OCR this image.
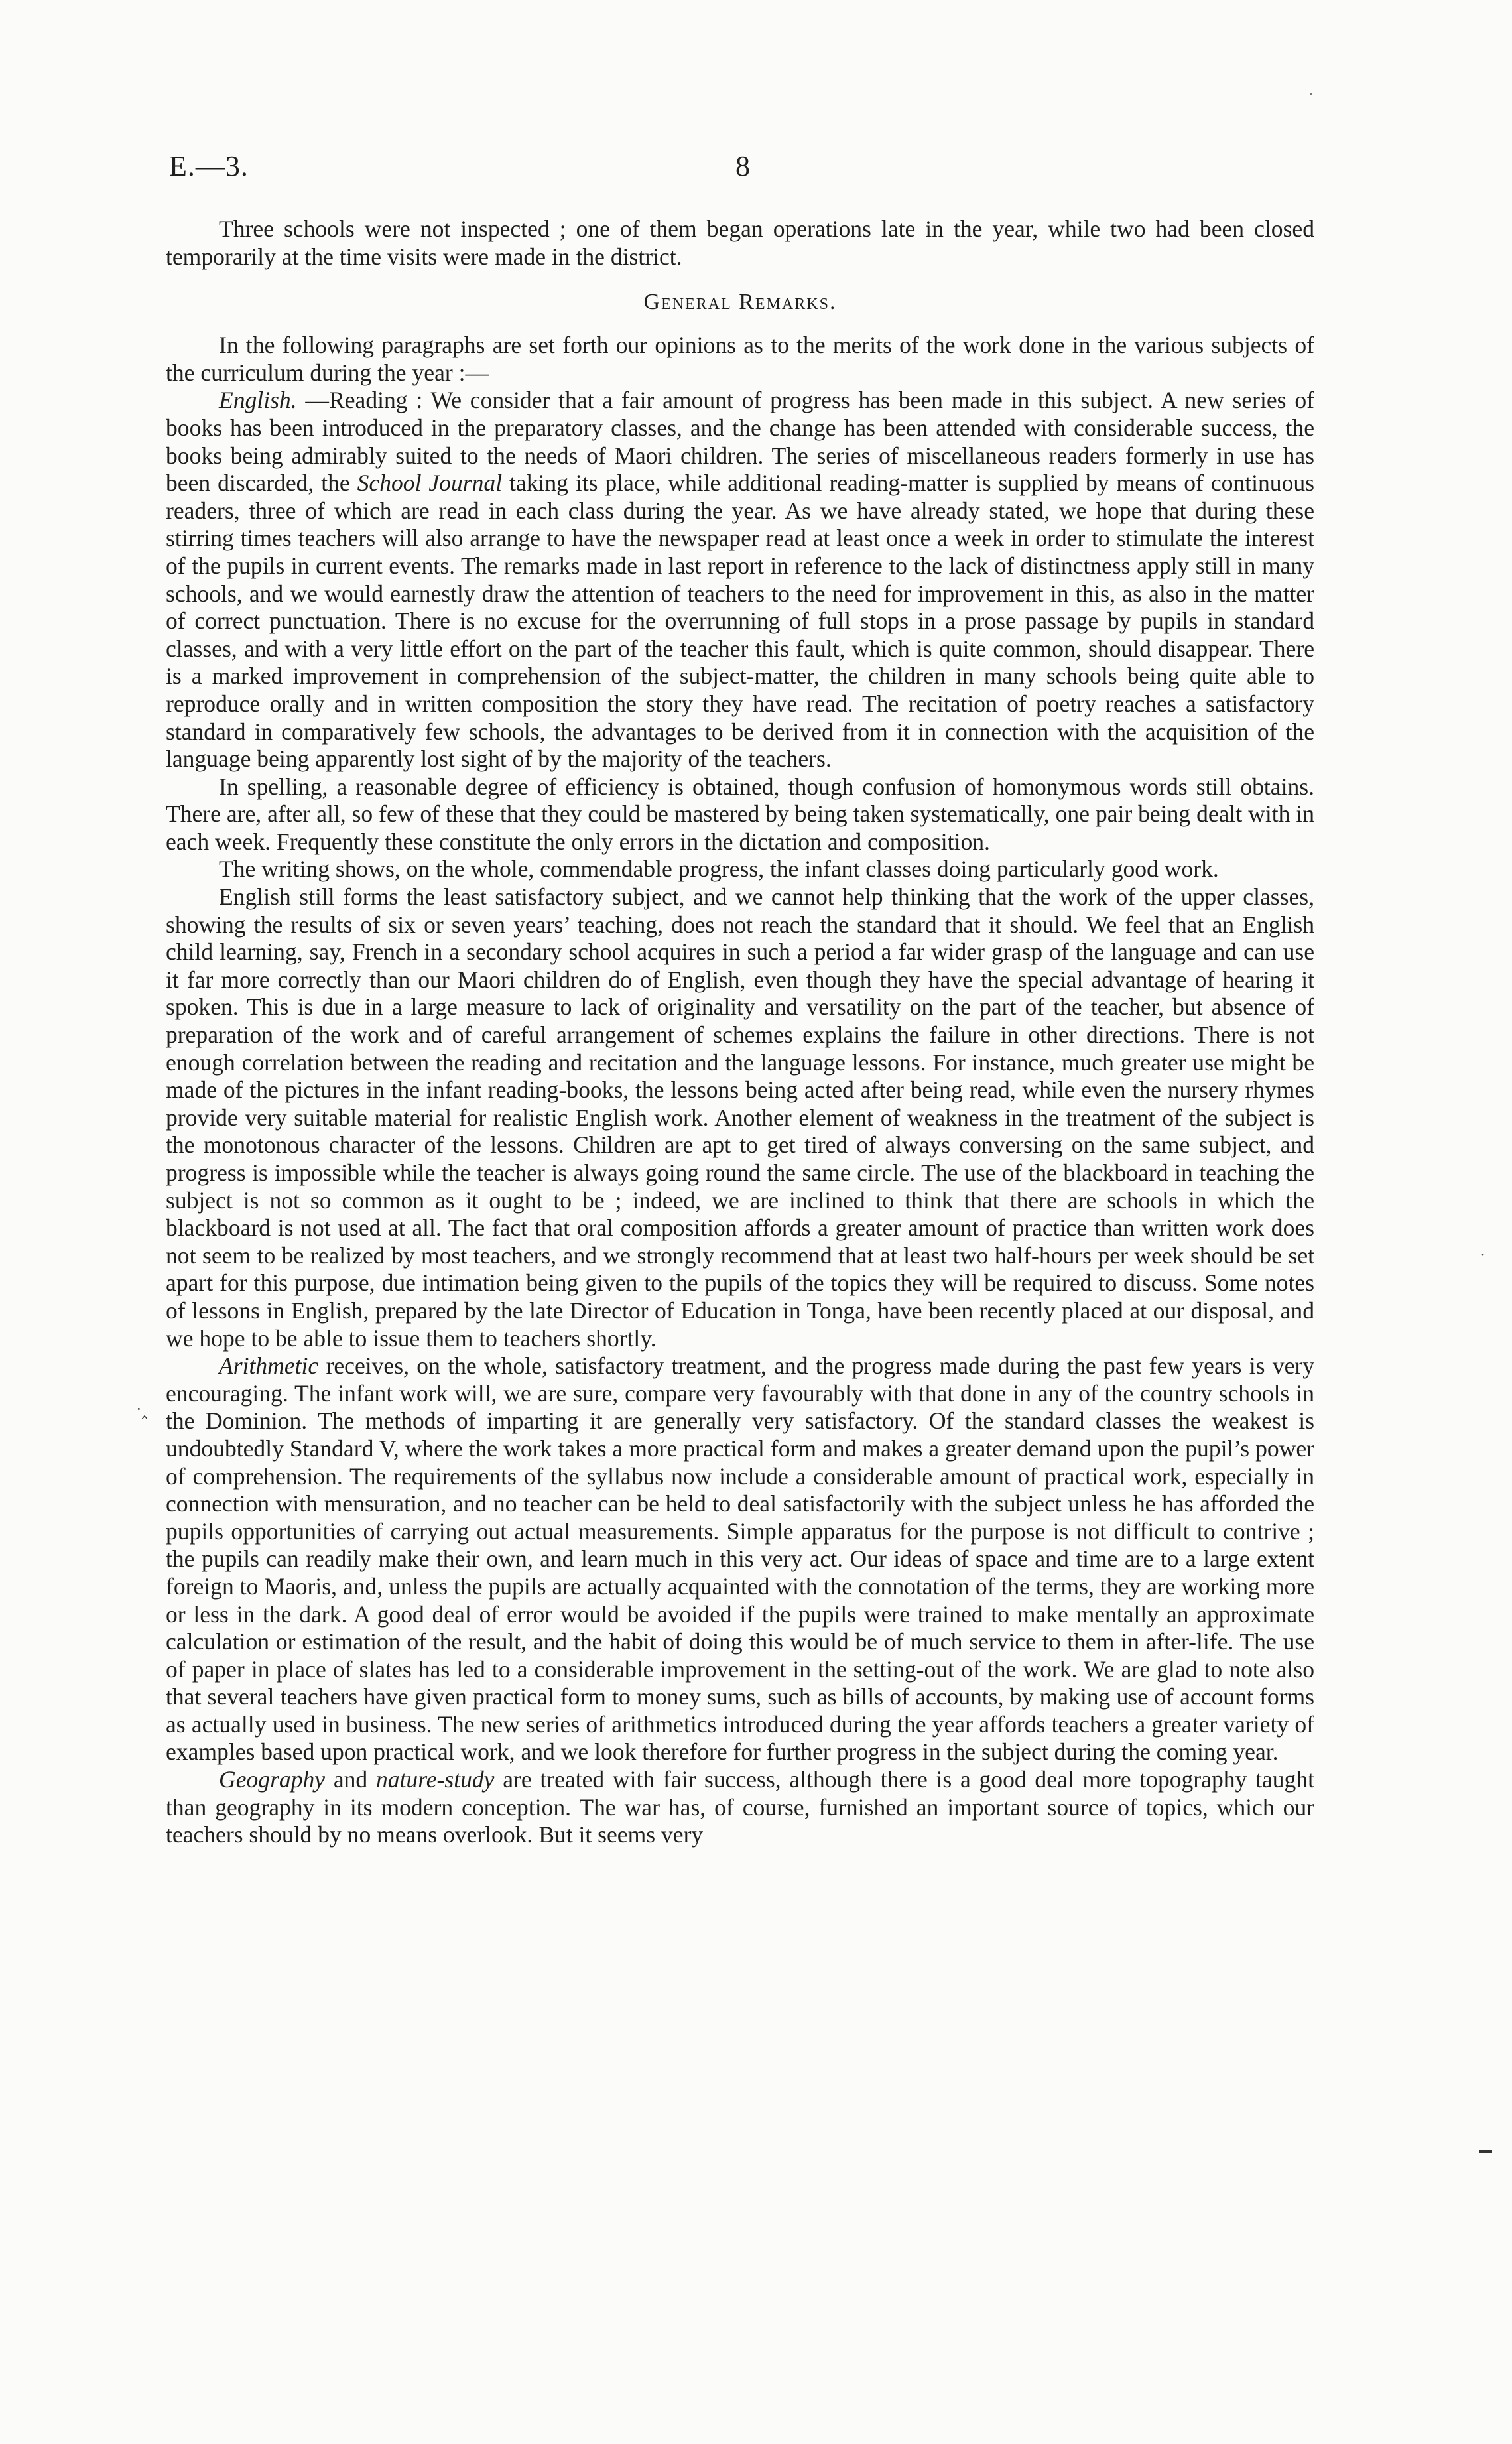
E.—3.	8

Three schools were not inspected ; one of them began operations late in the year, while two had been closed temporarily at the time visits were made in the district.

General Remarks.

In the following paragraphs are set forth our opinions as to the merits of the work done in the various subjects of the curriculum during the year :—

English. —Reading : We consider that a fair amount of progress has been made in this subject. A new series of books has been introduced in the preparatory classes, and the change has been attended with considerable success, the books being admirably suited to the needs of Maori children. The series of miscellaneous readers formerly in use has been discarded, the School Journal taking its place, while additional reading-matter is supplied by means of continuous readers, three of which are read in each class during the year. As we have already stated, we hope that during these stirring times teachers will also arrange to have the newspaper read at least once a week in order to stimulate the interest of the pupils in current events. The remarks made in last report in reference to the lack of distinctness apply still in many schools, and we would earnestly draw the attention of teachers to the need for improvement in this, as also in the matter of correct punctuation. There is no excuse for the overrunning of full stops in a prose passage by pupils in standard classes, and with a very little effort on the part of the teacher this fault, which is quite common, should disappear. There is a marked improvement in comprehension of the subject-matter, the children in many schools being quite able to reproduce orally and in written composition the story they have read. The recitation of poetry reaches a satisfactory standard in comparatively few schools, the advantages to be derived from it in connection with the acquisition of the language being apparently lost sight of by the majority of the teachers.

In spelling, a reasonable degree of efficiency is obtained, though confusion of homonymous words still obtains. There are, after all, so few of these that they could be mastered by being taken systematically, one pair being dealt with in each week. Frequently these constitute the only errors in the dictation and composition.

The writing shows, on the whole, commendable progress, the infant classes doing particularly good work.

English still forms the least satisfactory subject, and we cannot help thinking that the work of the upper classes, showing the results of six or seven years’ teaching, does not reach the standard that it should. We feel that an English child learning, say, French in a secondary school acquires in such a period a far wider grasp of the language and can use it far more correctly than our Maori children do of English, even though they have the special advantage of hearing it spoken. This is due in a large measure to lack of originality and versatility on the part of the teacher, but absence of preparation of the work and of careful arrangement of schemes explains the failure in other directions. There is not enough correlation between the reading and recitation and the language lessons. For instance, much greater use might be made of the pictures in the infant reading-books, the lessons being acted after being read, while even the nursery rhymes provide very suitable material for realistic English work. Another element of weakness in the treatment of the subject is the monotonous character of the lessons. Children are apt to get tired of always conversing on the same subject, and progress is impossible while the teacher is always going round the same circle. The use of the blackboard in teaching the subject is not so common as it ought to be ; indeed, we are inclined to think that there are schools in which the blackboard is not used at all. The fact that oral composition affords a greater amount of practice than written work does not seem to be realized by most teachers, and we strongly recommend that at least two half-hours per week should be set apart for this purpose, due intimation being given to the pupils of the topics they will be required to discuss. Some notes of lessons in English, prepared by the late Director of Education in Tonga, have been recently placed at our disposal, and we hope to be able to issue them to teachers shortly.

Arithmetic receives, on the whole, satisfactory treatment, and the progress made during the past few years is very encouraging. The infant work will, we are sure, compare very favourably with that done in any of the country schools in the Dominion. The methods of imparting it are generally very satisfactory. Of the standard classes the weakest is undoubtedly Standard V, where the work takes a more practical form and makes a greater demand upon the pupil’s power of comprehension. The requirements of the syllabus now include a considerable amount of practical work, especially in connection with mensuration, and no teacher can be held to deal satisfactorily with the subject unless he has afforded the pupils opportunities of carrying out actual measurements. Simple apparatus for the purpose is not difficult to contrive ; the pupils can readily make their own, and learn much in this very act. Our ideas of space and time are to a large extent foreign to Maoris, and, unless the pupils are actually acquainted with the connotation of the terms, they are working more or less in the dark. A good deal of error would be avoided if the pupils were trained to make mentally an approximate calculation or estimation of the result, and the habit of doing this would be of much service to them in after-life. The use of paper in place of slates has led to a considerable improvement in the setting-out of the work. We are glad to note also that several teachers have given practical form to money sums, such as bills of accounts, by making use of account forms as actually used in business. The new series of arithmetics introduced during the year affords teachers a greater variety of examples based upon practical work, and we look therefore for further progress in the subject during the coming year.

Geography and nature-study are treated with fair success, although there is a good deal more topography taught than geography in its modern conception. The war has, of course, furnished an important source of topics, which our teachers should by no means overlook. But it seems very

·‸
·
